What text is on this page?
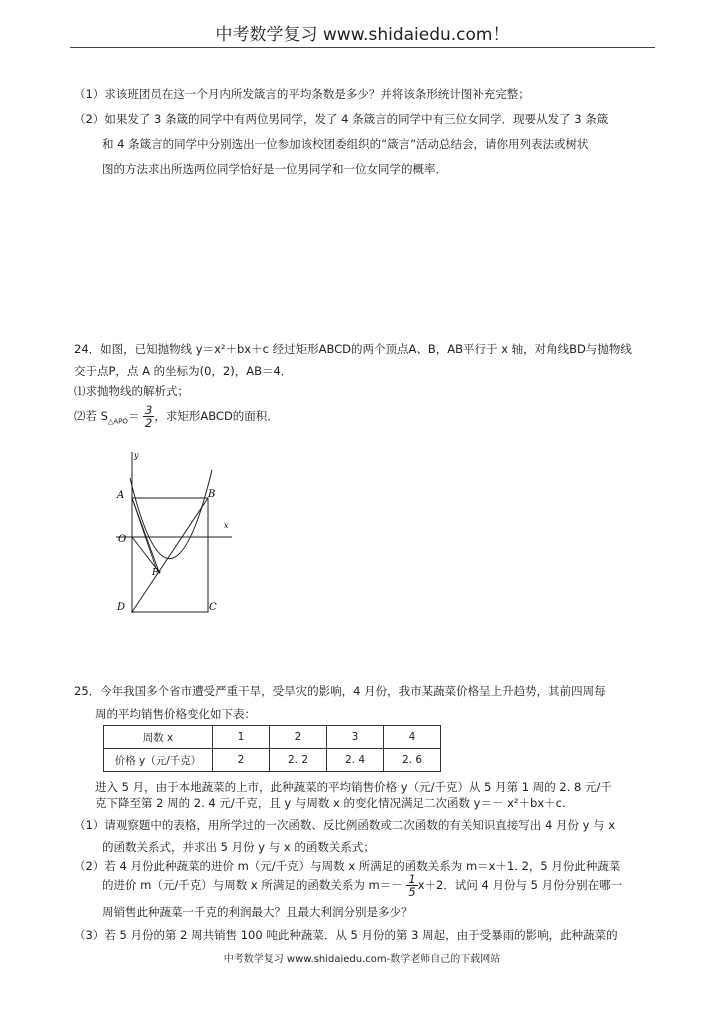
中考数学复习 www.shidaiedu.com！
（1）求该班团员在这一个月内所发箴言的平均条数是多少？并将该条形统计图补充完整；
（2）如果发了 3 条箴的同学中有两位男同学，发了 4 条箴言的同学中有三位女同学．现要从发了 3 条箴
和 4 条箴言的同学中分别选出一位参加该校团委组织的“箴言”活动总结会，请你用列表法或树状
图的方法求出所选两位同学恰好是一位男同学和一位女同学的概率．
24．如图，已知抛物线 y＝x²＋bx＋c 经过矩形ABCD的两个顶点A、B，AB平行于 x 轴，对角线BD与抛物线
交于点P，点 A 的坐标为(0，2)，AB＝4．
⑴求抛物线的解析式；
⑵若 $S_{\triangle APO}= \frac{3}{2}$ ，求矩形ABCD的面积．
y
x
A	B
O
P
D	C
25．今年我国多个省市遭受严重干旱，受旱灾的影响，4 月份，我市某蔬菜价格呈上升趋势，其前四周每
周的平均销售价格变化如下表：
周数 x	1	2	3	4
价格 y（元/千克）	2	2. 2	2. 4	2. 6
进入 5 月，由于本地蔬菜的上市，此种蔬菜的平均销售价格 y（元/千克）从 5 月第 1 周的 2. 8 元/千
克下降至第 2 周的 2. 4 元/千克，且 y 与周数 x 的变化情况满足二次函数 y＝－ x²＋bx＋c.
（1）请观察题中的表格，用所学过的一次函数、反比例函数或二次函数的有关知识直接写出 4 月份 y 与 x
的函数关系式，并求出 5 月份 y 与 x 的函数关系式；
（2）若 4 月份此种蔬菜的进价 m（元/千克）与周数 x 所满足的函数关系为 m＝x＋1. 2，5 月份此种蔬菜
的进价 m（元/千克）与周数 x 所满足的函数关系为 $m=- \frac{1}{5} x+2$．试问 4 月份与 5 月份分别在哪一
周销售此种蔬菜一千克的利润最大？且最大利润分别是多少？
（3）若 5 月份的第 2 周共销售 100 吨此种蔬菜．从 5 月份的第 3 周起，由于受暴雨的影响，此种蔬菜的
中考数学复习 www.shidaiedu.com-数学老师自己的下载网站
